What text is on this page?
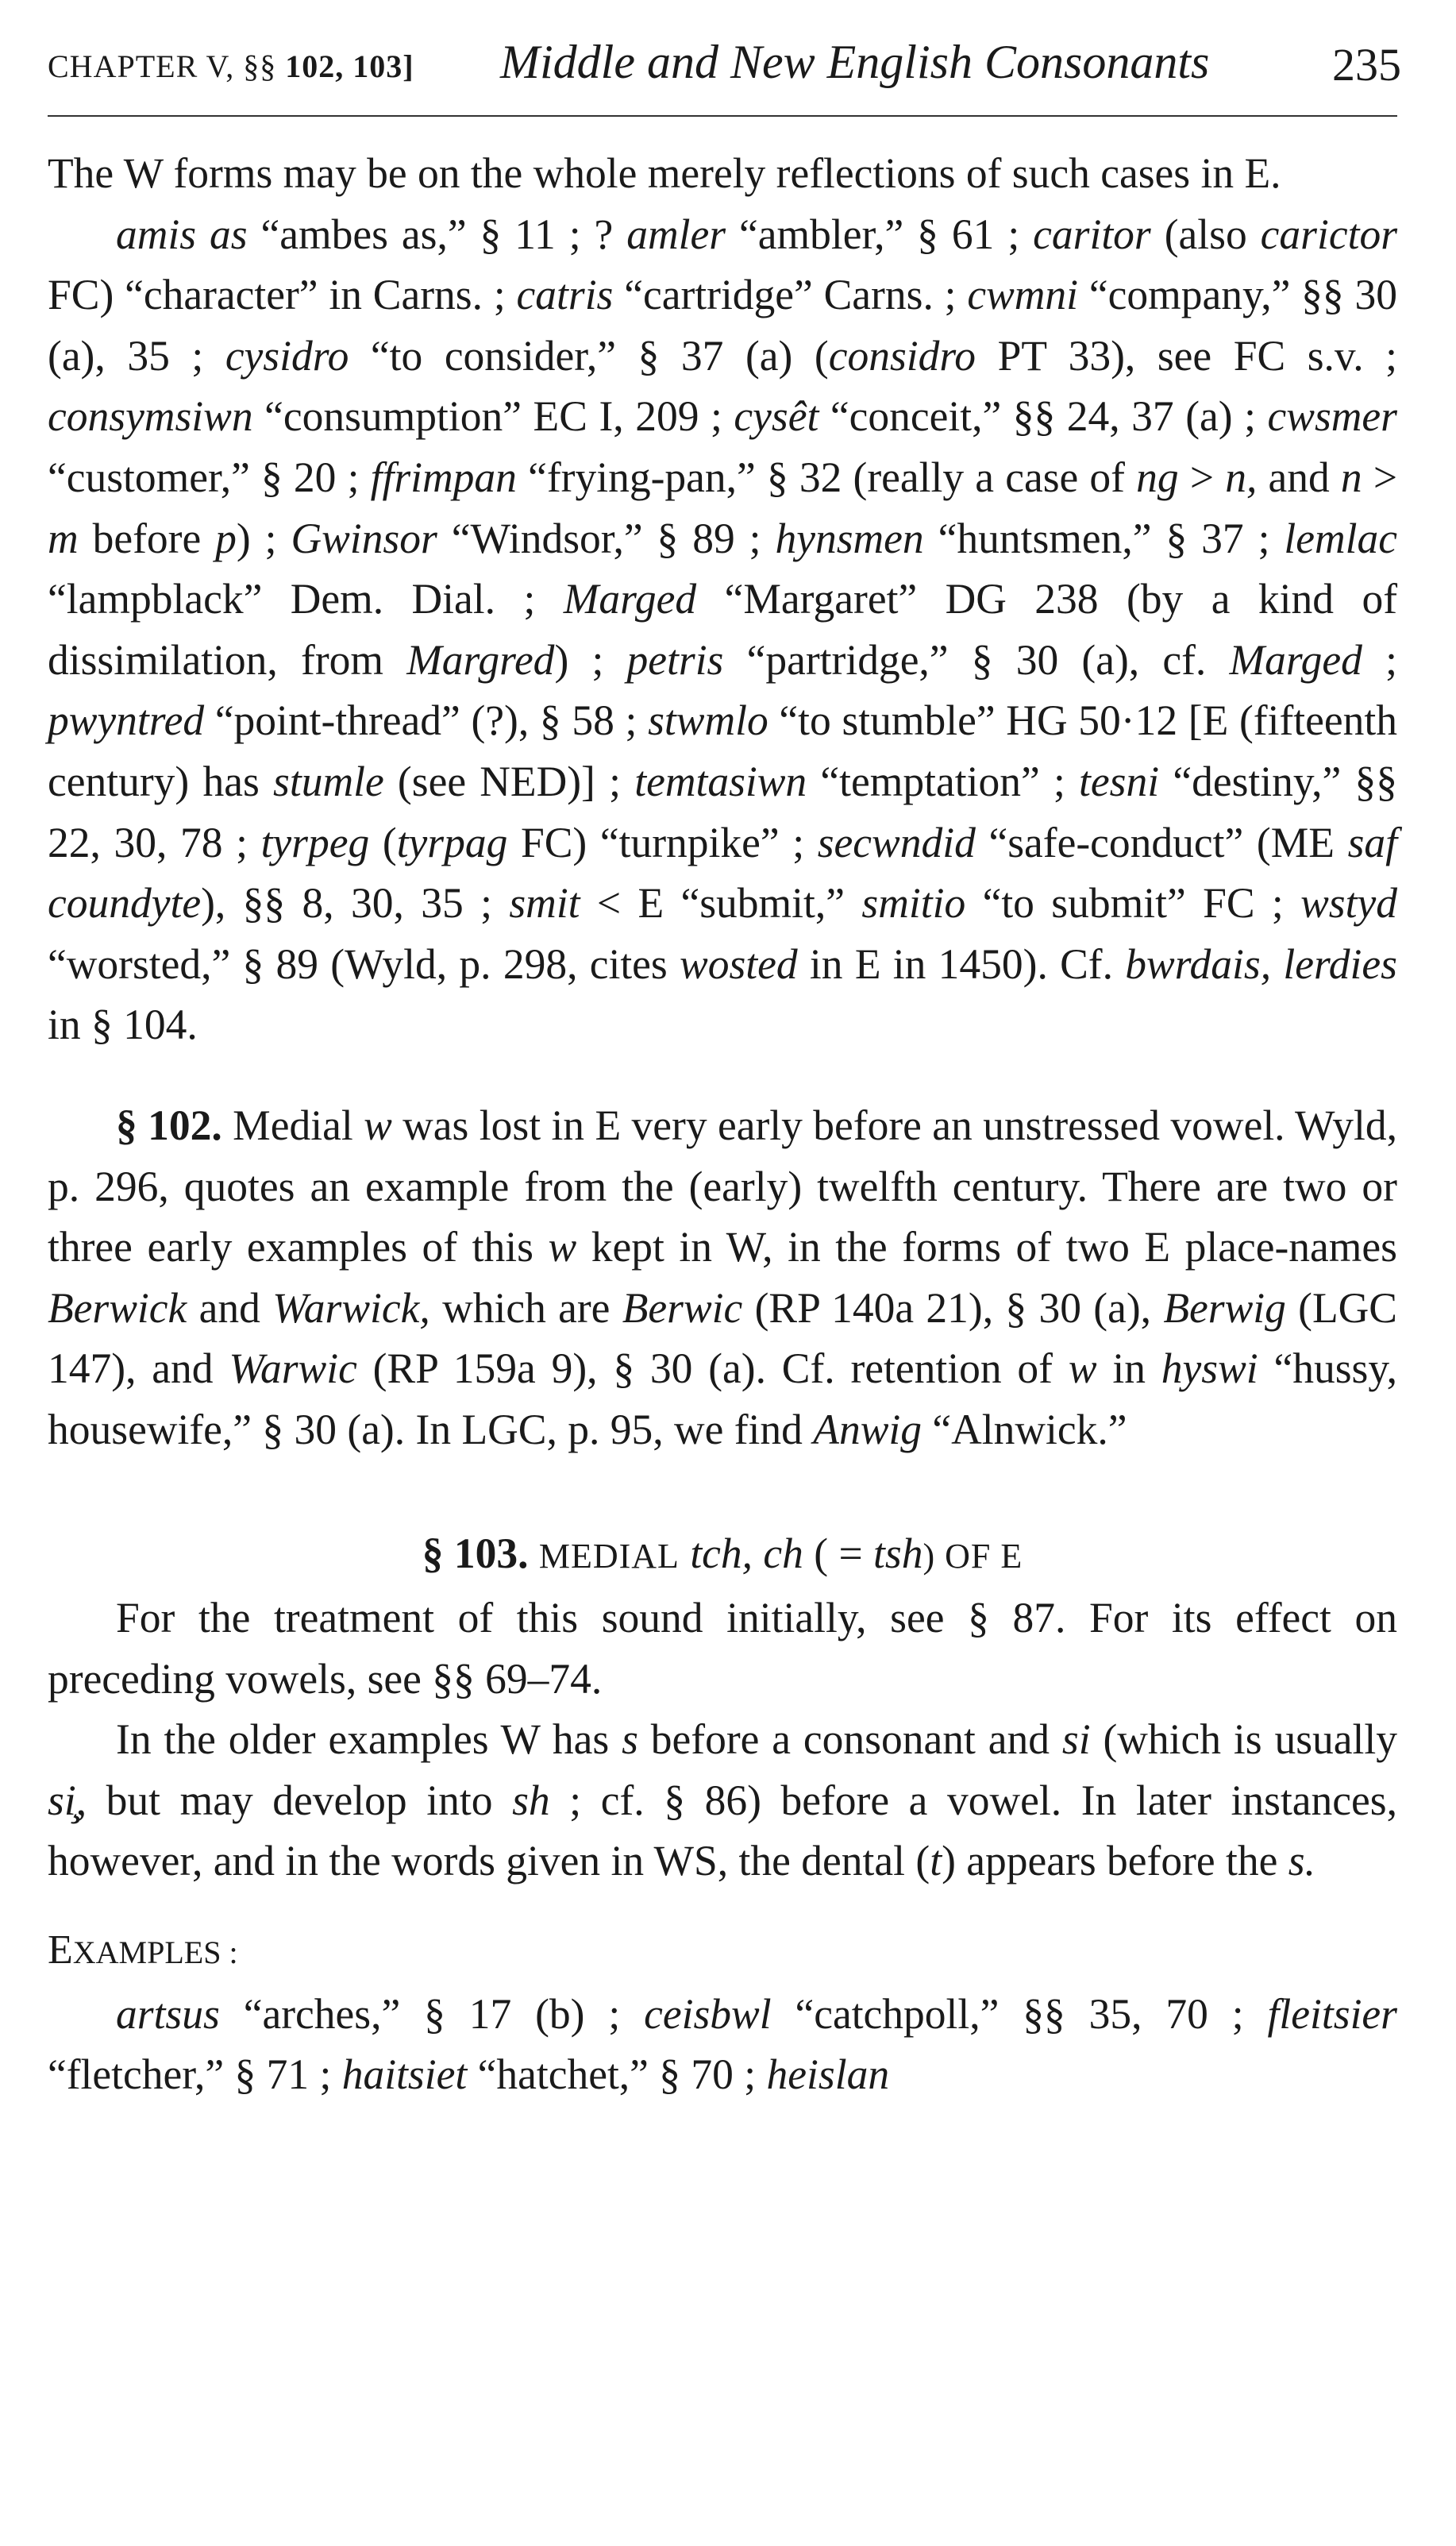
CHAPTER V, §§ 102, 103] Middle and New English Consonants	235

The W forms may be on the whole merely reflections of such cases in E.

amis as “ambes as,” § 11 ; ? amler “ambler,” § 61 ; caritor (also carictor FC) “character” in Carns. ; catris “cartridge” Carns. ; cwmni “company,” §§ 30 (a), 35 ; cysidro “to consider,” § 37 (a) (considro PT 33), see FC s.v. ; consymsiwn “consumption” EC I, 209 ; cysêt “conceit,” §§ 24, 37 (a) ; cwsmer “customer,” § 20 ; ffrimpan “frying-pan,” § 32 (really a case of ng > n, and n > m before p) ; Gwinsor “Windsor,” § 89 ; hynsmen “huntsmen,” § 37 ; lemlac “lampblack” Dem. Dial. ; Marged “Margaret” DG 238 (by a kind of dissimilation, from Margred) ; petris “partridge,” § 30 (a), cf. Marged ; pwyntred “point-thread” (?), § 58 ; stwmlo “to stumble” HG 50·12 [E (fifteenth century) has stumle (see NED)] ; temtasiwn “temptation” ; tesni “destiny,” §§ 22, 30, 78 ; tyrpeg (tyrpag FC) “turnpike” ; secwndid “safe-conduct” (ME saf coundyte), §§ 8, 30, 35 ; smit < E “submit,” smitio “to submit” FC ; wstyd “worsted,” § 89 (Wyld, p. 298, cites wosted in E in 1450). Cf. bwrdais, lerdies in § 104.

§ 102. Medial w was lost in E very early before an unstressed vowel. Wyld, p. 296, quotes an example from the (early) twelfth century. There are two or three early examples of this w kept in W, in the forms of two E place-names Berwick and Warwick, which are Berwic (RP 140a 21), § 30 (a), Berwig (LGC 147), and Warwic (RP 159a 9), § 30 (a). Cf. retention of w in hyswi “hussy, housewife,” § 30 (a). In LGC, p. 95, we find Anwig “Alnwick.”

§ 103. MEDIAL tch, ch ( = tsh) OF E

For the treatment of this sound initially, see § 87. For its effect on preceding vowels, see §§ 69–74.

In the older examples W has s before a consonant and si (which is usually si̧, but may develop into sh ; cf. § 86) before a vowel. In later instances, however, and in the words given in WS, the dental (t) appears before the s.

EXAMPLES :

artsus “arches,” § 17 (b) ; ceisbwl “catchpoll,” §§ 35, 70 ; fleitsier “fletcher,” § 71 ; haitsiet “hatchet,” § 70 ; heislan
